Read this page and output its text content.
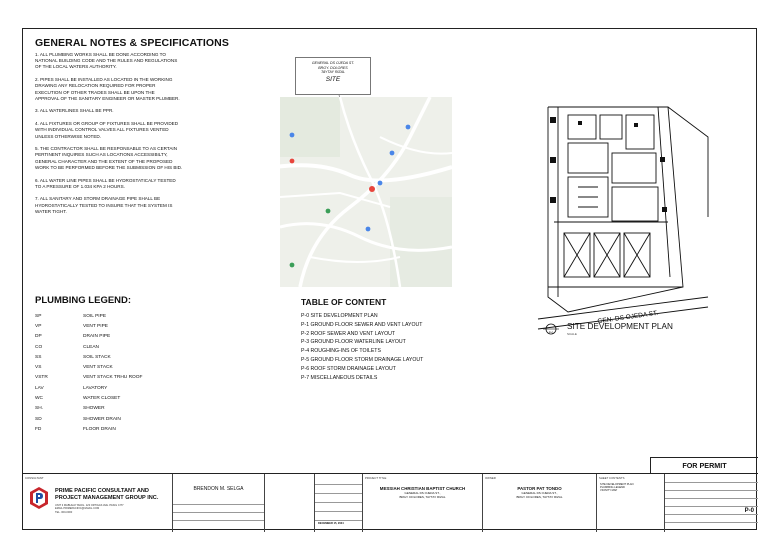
GENERAL NOTES & SPECIFICATIONS
1. ALL PLUMBING WORKS SHALL BE DONE ACCORDING TO
NATIONAL BUILDING CODE AND THE RULES AND REGULATIONS
OF THE LOCAL WATERS AUTHORITY.
2. PIPES SHALL BE INSTALLED AS LOCATED IN THE WORKING
DRAWING ANY RELOCATION REQUIRED FOR PROPER
EXECUTION OF OTHER TRADES SHALL BE UPON THE
APPROVAL OF THE SANITARY ENGINEER OR MASTER PLUMBER.
3. ALL WATERLINES SHALL BE PPR.
4. ALL FIXTURES OR GROUP OF FIXTURES SHALL BE PROVIDED
WITH INDIVIDUAL CONTROL VALVES ALL FIXTURES VENTED
UNLESS OTHERWISE NOTED.
5. THE CONTRACTOR SHALL BE RESPONSABLE TO AS CERTAIN
PERTINENT INQUIRES SUCH AS LOCATIONS ACCESSIBILTY,
GENERAL CHARACTER AND THE EXTENT OF THE PROPOSED
WORK TO BE PERFORMED BEFORE THE SUBMISSION OF HIS BID.
6. ALL WATER LINE PIPES SHALL BE HYDROSTATICALY TESTED
TO A PRESSURE OF 1.034 KPA 2 HOURS.
7. ALL SANITARY AND STORM DRAINAGE PIPE SHALL BE
HYDROSTATICALLY TESTED TO INSURE THAT THE SYSTEM IS
WATER TIGHT.
PLUMBING LEGEND:
SP	SOIL PIPE
VP	VENT PIPE
DP	DRAIN PIPE
CO	CLEAN
SS	SOIL STACK
VS	VENT STACK
VSTR	VENT STACK TRHU ROOF
LAV	LAVATORY
WC	WATER CLOSET
SH.	SHOWER
SD	SHOWER DRAIN
FD	FLOOR DRAIN
GENERAL DS OJEDA ST.
BRGY. DOLORES
TAYTAY RIZAL
SITE
GEN. DS OJEDA ST.
P-0
SITE DEVELOPMENT PLAN
SCALE
TABLE OF CONTENT
P-0 SITE DEVELOPMENT PLAN
P-1 GROUND FLOOR SEWER AND VENT LAYOUT
P-2 ROOF SEWER AND VENT LAYOUT
P-3 GROUND FLOOR WATERLINE LAYOUT
P-4 ROUGHING-INS OF TOILETS
P-5 GROUND FLOOR STORM DRAINAGE LAYOUT
P-6 ROOF STORM DRAINAGE LAYOUT
P-7 MISCELLANEOUS DETAILS
FOR PERMIT
CONSULTANT
PRIME PACIFIC CONSULTANT AND
PROJECT MANAGEMENT GROUP INC.
UNIT 3 MABUHAY BLDG. 123 ORTIGAS AVE. PASIG CITY
EMAIL PRIMEPACIFIC@GMAIL.COM
TEL. 000-0000
BRENDON M. SELGA
DECEMBER 15, 2024
PROJECT TITLE
MESSIAH CHRISTIAN BAPTIST CHURCH
GENERAL DS OJEDA ST.,
BRGY. DOLORES, TAYTAY RIZAL
OWNER
PASTOR PAT TONDO
GENERAL DS OJEDA ST.,
BRGY. DOLORES, TAYTAY RIZAL
SHEET CONTENTS
SITE DEVELOPMENT PLAN
PLUMBING LEGEND
VICINITY MAP
P-0
